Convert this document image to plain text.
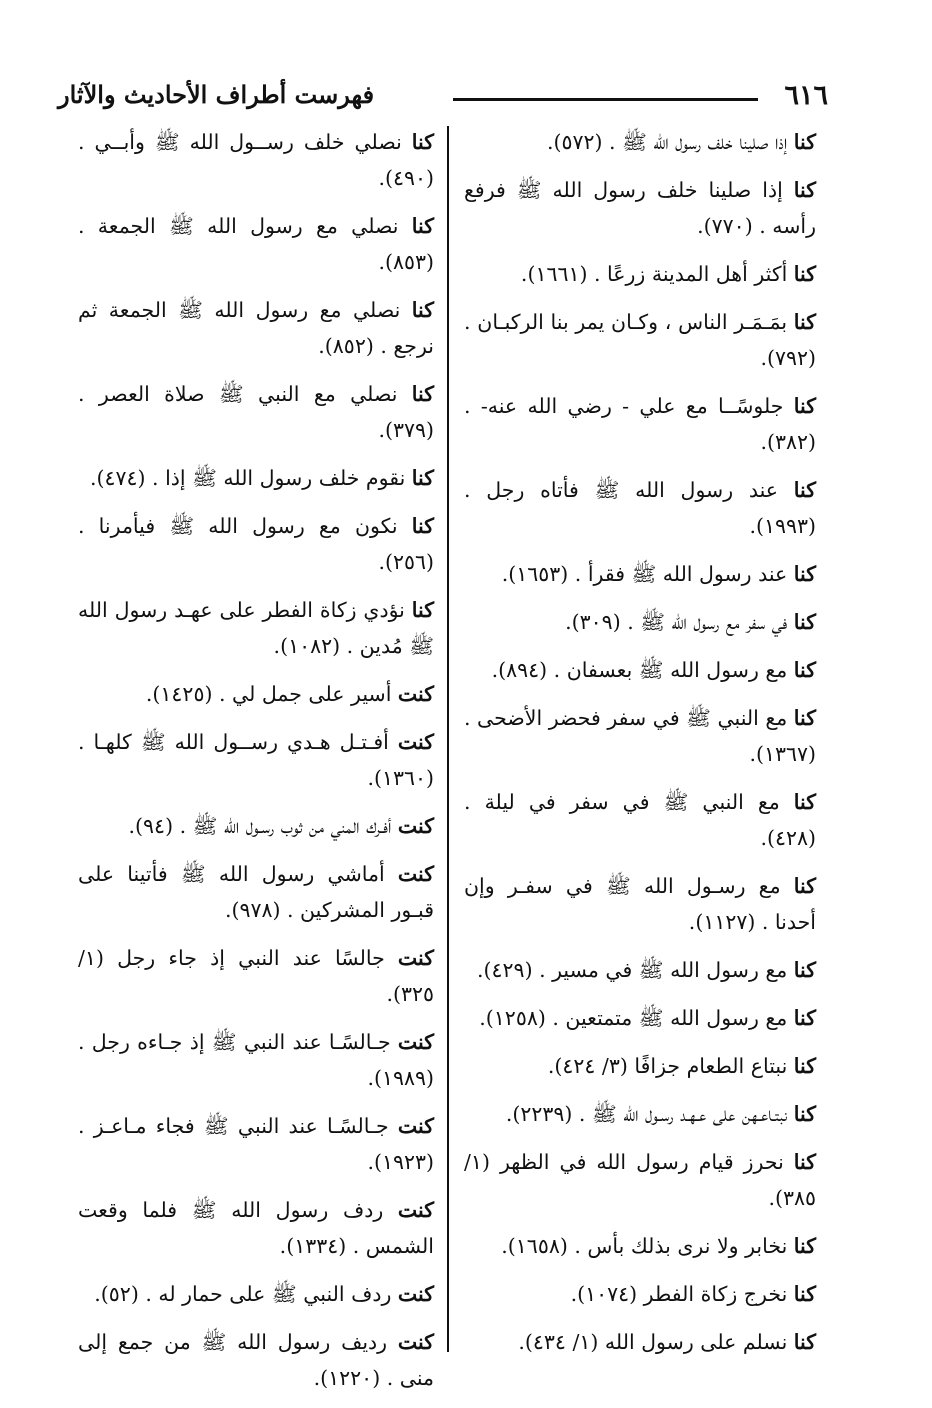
٦١٦
فهرست أطراف الأحاديث والآثار
كنا إذا صلينا خلف رسول الله ﷺ . (٥٧٢).
كنا إذا صلينا خلف رسول الله ﷺ فرفع رأسه . (٧٧٠).
كنا أكثر أهل المدينة زرعًا . (١٦٦١).
كنا بمَـمَـر الناس ، وكـان يمر بنا الركبـان . (٧٩٢).
كنا جلوسًــا مع علي - رضي الله عنه- . (٣٨٢).
كنا عند رسول الله ﷺ فأتاه رجل . (١٩٩٣).
كنا عند رسول الله ﷺ فقرأ . (١٦٥٣).
كنا في سفر مع رسول الله ﷺ . (٣٠٩).
كنا مع رسول الله ﷺ بعسفان . (٨٩٤).
كنا مع النبي ﷺ في سفر فحضر الأضحى . (١٣٦٧).
كنا مع النبي ﷺ في سفر في ليلة . (٤٢٨).
كنا مع رسـول الله ﷺ في سفـر وإن أحدنا . (١١٢٧).
كنا مع رسول الله ﷺ في مسير . (٤٢٩).
كنا مع رسول الله ﷺ متمتعين . (١٢٥٨).
كنا نبتاع الطعام جزافًا (٣/ ٤٢٤).
كنا نبتـاعـهن على عـهـد رسـول الله ﷺ . (٢٢٣٩).
كنا نحرز قيام رسول الله في الظهر (١/ ٣٨٥).
كنا نخابر ولا نرى بذلك بأس . (١٦٥٨).
كنا نخرج زكاة الفطر (١٠٧٤).
كنا نسلم على رسول الله (١/ ٤٣٤).
كنا نصلي خلف رســول الله ﷺ وأبــي . (٤٩٠).
كنا نصلي مع رسول الله ﷺ الجمعة . (٨٥٣).
كنا نصلي مع رسول الله ﷺ الجمعة ثم نرجع . (٨٥٢).
كنا نصلي مع النبي ﷺ صلاة العصر . (٣٧٩).
كنا نقوم خلف رسول الله ﷺ إذا . (٤٧٤).
كنا نكون مع رسول الله ﷺ فيأمرنا . (٢٥٦).
كنا نؤدي زكاة الفطر على عهـد رسول الله ﷺ مُدين . (١٠٨٢).
كنت أسير على جمل لي . (١٤٢٥).
كنت أفـتـل هـدي رســول الله ﷺ كلهـا . (١٣٦٠).
كنت أفـرك المني من ثوب رسـول الله ﷺ . (٩٤).
كنت أماشي رسول الله ﷺ فأتينا على قبـور المشركين . (٩٧٨).
كنت جالسًا عند النبي إذ جاء رجل (١/ ٣٢٥).
كنت جـالسًـا عند النبي ﷺ إذ جـاءه رجل . (١٩٨٩).
كنت جـالسًـا عند النبي ﷺ فجاء مـاعـز . (١٩٢٣).
كنت ردف رسول الله ﷺ فلما وقعت الشمس . (١٣٣٤).
كنت ردف النبي ﷺ على حمار له . (٥٢).
كنت رديف رسول الله ﷺ من جمع إلى منى . (١٢٢٠).
